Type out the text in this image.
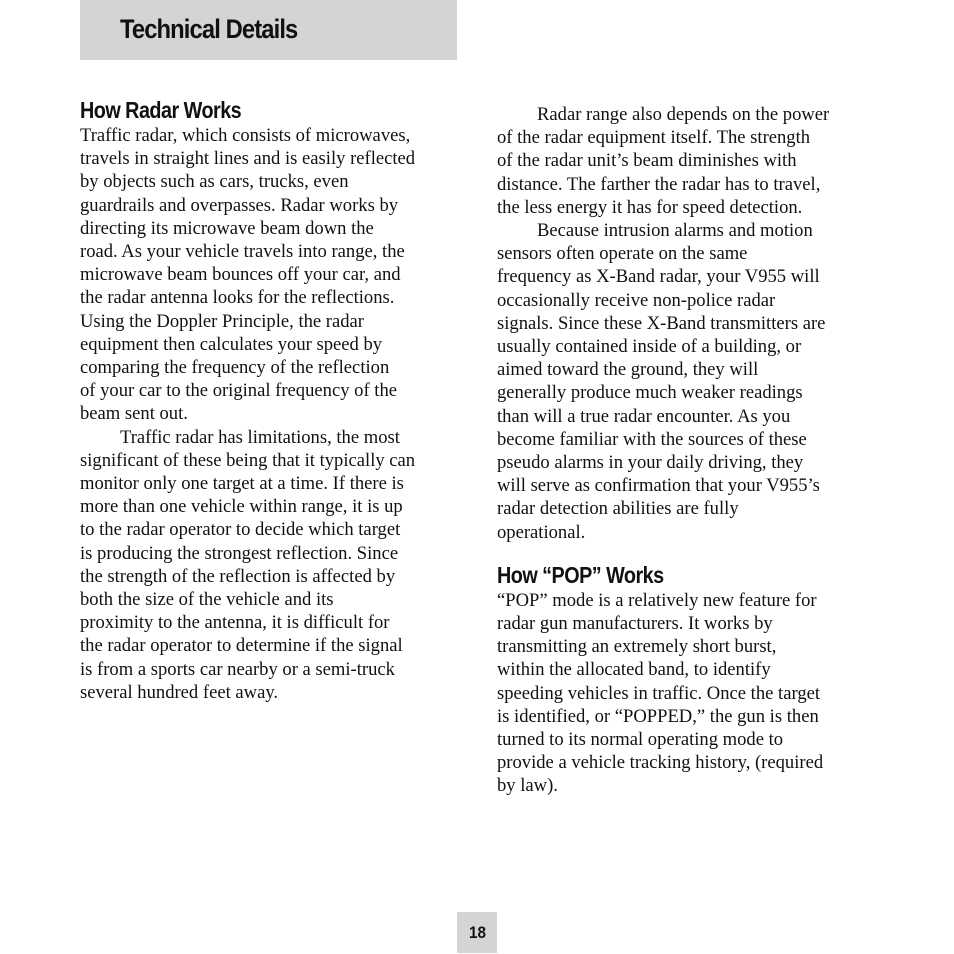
Technical Details
How Radar Works

Traffic radar, which consists of microwaves,
travels in straight lines and is easily reflected
by objects such as cars, trucks, even
guardrails and overpasses. Radar works by
directing its microwave beam down the
road. As your vehicle travels into range, the
microwave beam bounces off your car, and
the radar antenna looks for the reflections.
Using the Doppler Principle, the radar
equipment then calculates your speed by
comparing the frequency of the reflection
of your car to the original frequency of the
beam sent out.

Traffic radar has limitations, the most
significant of these being that it typically can
monitor only one target at a time. If there is
more than one vehicle within range, it is up
to the radar operator to decide which target
is producing the strongest reflection. Since
the strength of the reflection is affected by
both the size of the vehicle and its
proximity to the antenna, it is difficult for
the radar operator to determine if the signal
is from a sports car nearby or a semi-truck
several hundred feet away.

Radar range also depends on the power
of the radar equipment itself. The strength
of the radar unit’s beam diminishes with
distance. The farther the radar has to travel,
the less energy it has for speed detection.

Because intrusion alarms and motion
sensors often operate on the same
frequency as X-Band radar, your V955 will
occasionally receive non-police radar
signals. Since these X-Band transmitters are
usually contained inside of a building, or
aimed toward the ground, they will
generally produce much weaker readings
than will a true radar encounter. As you
become familiar with the sources of these
pseudo alarms in your daily driving, they
will serve as confirmation that your V955’s
radar detection abilities are fully
operational.

How “POP” Works

“POP” mode is a relatively new feature for
radar gun manufacturers. It works by
transmitting an extremely short burst,
within the allocated band, to identify
speeding vehicles in traffic. Once the target
is identified, or “POPPED,” the gun is then
turned to its normal operating mode to
provide a vehicle tracking history, (required
by law).

18
